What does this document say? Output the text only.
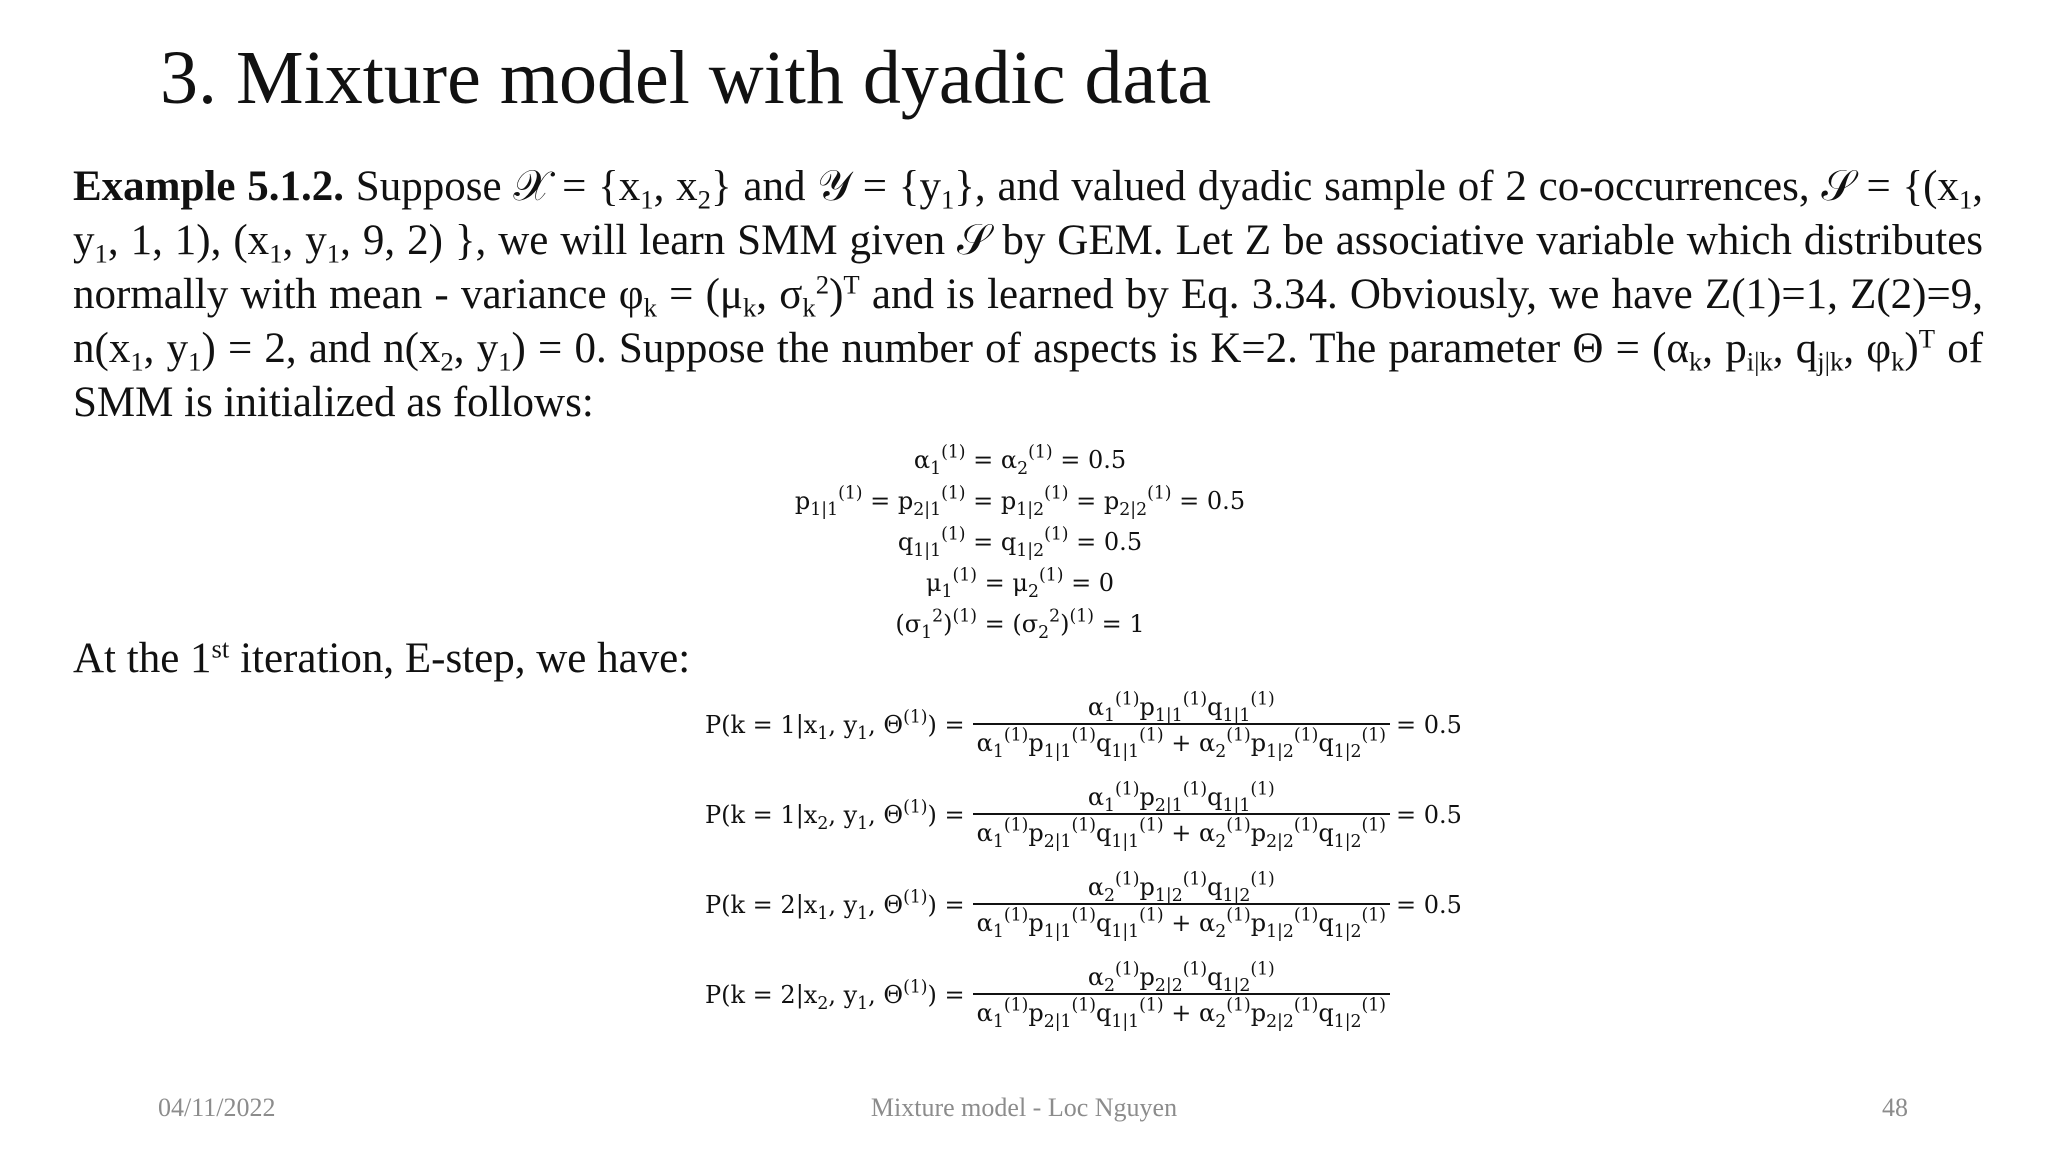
3. Mixture model with dyadic data

Example 5.1.2. Suppose 𝒳 = {$x_1$, $x_2$} and 𝒴 = $\{y_1\}$, and valued dyadic sample of 2 co-occurrences, 𝒮 = {($x_1$, $y_1$, 1, 1), ($x_1$, $y_1$, 9, 2) }, we will learn SMM given 𝒮 by GEM. Let Z be associative variable which distributes normally with mean - variance $\varphi_k = (\mu_k$, $\sigma_k^2)^T$ and is learned by Eq. 3.34. Obviously, we have Z(1)=1, Z(2)=9, $n(x_1$, $y_1) = 2$, and $n(x_2$, $y_1) = 0$. Suppose the number of aspects is K=2. The parameter $\Theta = (\alpha_k$, $p_{i|k}$, $q_{j|k}$, $\varphi_k)^T$ of SMM is initialized as follows:

$\alpha_1^{(1)} = \alpha_2^{(1)} = 0.5$
$p_{1|1}^{(1)} = p_{2|1}^{(1)} = p_{1|2}^{(1)} = p_{2|2}^{(1)} = 0.5$
$q_{1|1}^{(1)} = q_{1|2}^{(1)} = 0.5$
$\mu_1^{(1)} = \mu_2^{(1)} = 0$
$(\sigma_1^2)^{(1)} = (\sigma_2^2)^{(1)} = 1$

At the 1st iteration, E-step, we have:

$P(k = 1|x_1$, $y_1$, $\Theta^{(1)}) = \frac{\alpha_1^{(1)}p_{1|1}^{(1)}q_{1|1}^{(1)}}{\alpha_1^{(1)}p_{1|1}^{(1)}q_{1|1}^{(1)} + \alpha_2^{(1)}p_{1|2}^{(1)}q_{1|2}^{(1)}} = 0.5$
$P(k = 1|x_2$, $y_1$, $\Theta^{(1)}) = \frac{\alpha_1^{(1)}p_{2|1}^{(1)}q_{1|1}^{(1)}}{\alpha_1^{(1)}p_{2|1}^{(1)}q_{1|1}^{(1)} + \alpha_2^{(1)}p_{2|2}^{(1)}q_{1|2}^{(1)}} = 0.5$
$P(k = 2|x_1$, $y_1$, $\Theta^{(1)}) = \frac{\alpha_2^{(1)}p_{1|2}^{(1)}q_{1|2}^{(1)}}{\alpha_1^{(1)}p_{1|1}^{(1)}q_{1|1}^{(1)} + \alpha_2^{(1)}p_{1|2}^{(1)}q_{1|2}^{(1)}} = 0.5$
$P(k = 2|x_2$, $y_1$, $\Theta^{(1)}) = \frac{\alpha_2^{(1)}p_{2|2}^{(1)}q_{1|2}^{(1)}}{\alpha_1^{(1)}p_{2|1}^{(1)}q_{1|1}^{(1)} + \alpha_2^{(1)}p_{2|2}^{(1)}q_{1|2}^{(1)}}$
04/11/2022	Mixture model - Loc Nguyen	48
